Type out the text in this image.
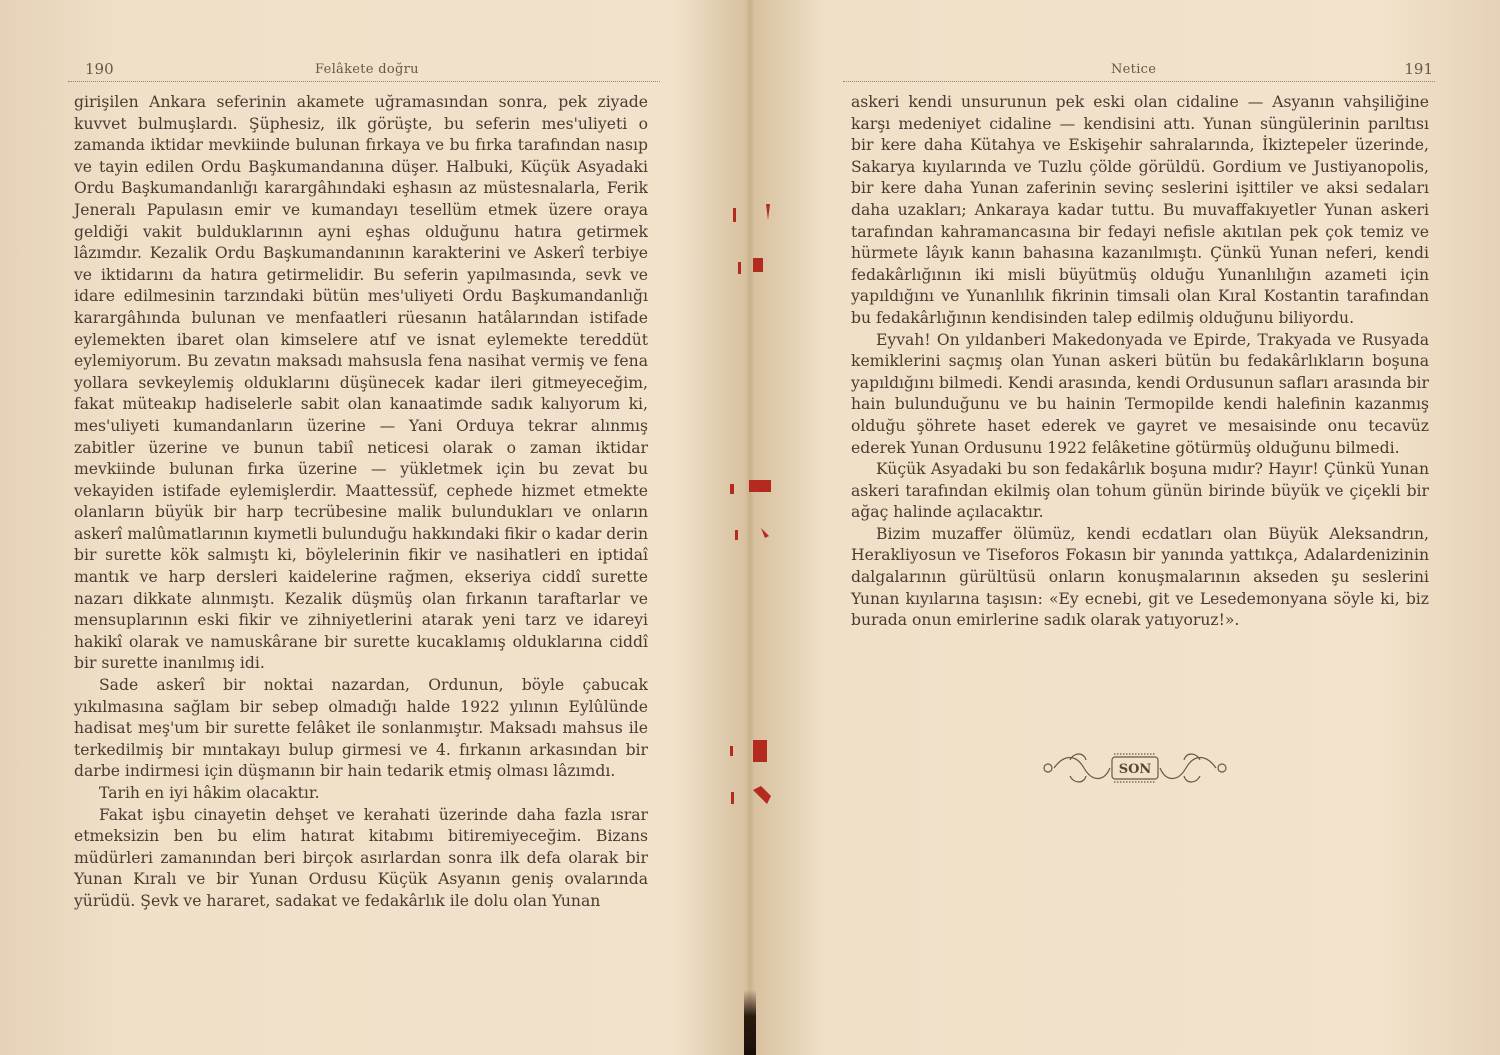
190	Felâkete doğru

girişilen Ankara seferinin akamete uğramasından sonra, pek ziyade kuvvet bulmuşlardı. Şüphesiz, ilk görüşte, bu seferin mes'uliyeti o zamanda iktidar mevkiinde bulunan fırkaya ve bu fırka tarafından nasıp ve tayin edilen Ordu Başkumandanına düşer. Halbuki, Küçük Asyadaki Ordu Başkumandanlığı karargâhındaki eşhasın az müstesnalarla, Ferik Jeneralı Papulasın emir ve kumandayı tesellüm etmek üzere oraya geldiği vakit bulduklarının ayni eşhas olduğunu hatıra getirmek lâzımdır. Kezalik Ordu Başkumandanının karakterini ve Askerî terbiye ve iktidarını da hatıra getirmelidir. Bu seferin yapılmasında, sevk ve idare edilmesinin tarzındaki bütün mes'uliyeti Ordu Başkumandanlığı karargâhında bulunan ve menfaatleri rüesanın hatâlarından istifade eylemekten ibaret olan kimselere atıf ve isnat eylemekte tereddüt eylemiyorum. Bu zevatın maksadı mahsusla fena nasihat vermiş ve fena yollara sevkeylemiş olduklarını düşünecek kadar ileri gitmeyeceğim, fakat müteakıp hadiselerle sabit olan kanaatimde sadık kalıyorum ki, mes'uliyeti kumandanların üzerine — Yani Orduya tekrar alınmış zabitler üzerine ve bunun tabiî neticesi olarak o zaman iktidar mevkiinde bulunan fırka üzerine — yükletmek için bu zevat bu vekayiden istifade eylemişlerdir. Maattessüf, cephede hizmet etmekte olanların büyük bir harp tecrübesine malik bulundukları ve onların askerî malûmatlarının kıymetli bulunduğu hakkındaki fikir o kadar derin bir surette kök salmıştı ki, böylelerinin fikir ve nasihatleri en iptidaî mantık ve harp dersleri kaidelerine rağmen, ekseriya ciddî surette nazarı dikkate alınmıştı. Kezalik düşmüş olan fırkanın taraftarlar ve mensuplarının eski fikir ve zihniyetlerini atarak yeni tarz ve idareyi hakikî olarak ve namuskârane bir surette kucaklamış olduklarına ciddî bir surette inanılmış idi.

Sade askerî bir noktai nazardan, Ordunun, böyle çabucak yıkılmasına sağlam bir sebep olmadığı halde 1922 yılının Eylûlünde hadisat meş'um bir surette felâket ile sonlanmıştır. Maksadı mahsus ile terkedilmiş bir mıntakayı bulup girmesi ve 4. fırkanın arkasından bir darbe indirmesi için düşmanın bir hain tedarik etmiş olması lâzımdı.

Tarih en iyi hâkim olacaktır.

Fakat işbu cinayetin dehşet ve kerahati üzerinde daha fazla ısrar etmeksizin ben bu elim hatırat kitabımı bitiremiyeceğim. Bizans müdürleri zamanından beri birçok asırlardan sonra ilk defa olarak bir Yunan Kıralı ve bir Yunan Ordusu Küçük Asyanın geniş ovalarında yürüdü. Şevk ve hararet, sadakat ve fedakârlık ile dolu olan Yunan

Netice	191

askeri kendi unsurunun pek eski olan cidaline — Asyanın vahşiliğine karşı medeniyet cidaline — kendisini attı. Yunan süngülerinin parıltısı bir kere daha Kütahya ve Eskişehir sahralarında, İkiztepeler üzerinde, Sakarya kıyılarında ve Tuzlu çölde görüldü. Gordium ve Justiyanopolis, bir kere daha Yunan zaferinin sevinç seslerini işittiler ve aksi sedaları daha uzakları; Ankaraya kadar tuttu. Bu muvaffakıyetler Yunan askeri tarafından kahramancasına bir fedayi nefisle akıtılan pek çok temiz ve hürmete lâyık kanın bahasına kazanılmıştı. Çünkü Yunan neferi, kendi fedakârlığının iki misli büyütmüş olduğu Yunanlılığın azameti için yapıldığını ve Yunanlılık fikrinin timsali olan Kıral Kostantin tarafından bu fedakârlığının kendisinden talep edilmiş olduğunu biliyordu.

Eyvah! On yıldanberi Makedonyada ve Epirde, Trakyada ve Rusyada kemiklerini saçmış olan Yunan askeri bütün bu fedakârlıkların boşuna yapıldığını bilmedi. Kendi arasında, kendi Ordusunun safları arasında bir hain bulunduğunu ve bu hainin Termopilde kendi halefinin kazanmış olduğu şöhrete haset ederek ve gayret ve mesaisinde onu tecavüz ederek Yunan Ordusunu 1922 felâketine götürmüş olduğunu bilmedi.

Küçük Asyadaki bu son fedakârlık boşuna mıdır? Hayır! Çünkü Yunan askeri tarafından ekilmiş olan tohum günün birinde büyük ve çiçekli bir ağaç halinde açılacaktır.

Bizim muzaffer ölümüz, kendi ecdatları olan Büyük Aleksandrın, Herakliyosun ve Tiseforos Fokasın bir yanında yattıkça, Adalardenizinin dalgalarının gürültüsü onların konuşmalarının akseden şu seslerini Yunan kıyılarına taşısın: «Ey ecnebi, git ve Lesedemonyana söyle ki, biz burada onun emirlerine sadık olarak yatıyoruz!».

SON
